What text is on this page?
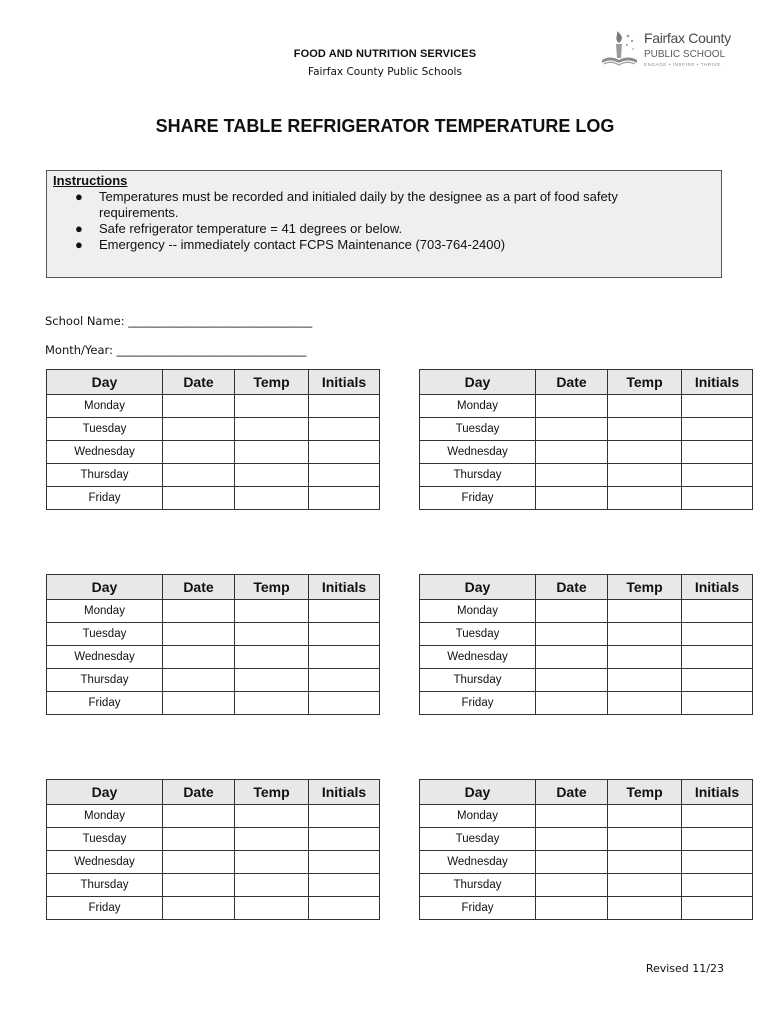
FOOD AND NUTRITION SERVICES
Fairfax County Public Schools
Fairfax County
PUBLIC SCHOOL
ENGAGE • INSPIRE • THRIVE
SHARE TABLE REFRIGERATOR TEMPERATURE LOG
Instructions
●	Temperatures must be recorded and initialed daily by the designee as a part of food safety requirements.
●	Safe refrigerator temperature = 41 degrees or below.
●	Emergency -- immediately contact FCPS Maintenance (703-764-2400)
School Name: ________________________________
Month/Year: _________________________________
Day	Date	Temp	Initials
Monday			
Tuesday			
Wednesday			
Thursday			
Friday			
Day	Date	Temp	Initials
Monday			
Tuesday			
Wednesday			
Thursday			
Friday			
Day	Date	Temp	Initials
Monday			
Tuesday			
Wednesday			
Thursday			
Friday			
Day	Date	Temp	Initials
Monday			
Tuesday			
Wednesday			
Thursday			
Friday			
Day	Date	Temp	Initials
Monday			
Tuesday			
Wednesday			
Thursday			
Friday			
Day	Date	Temp	Initials
Monday			
Tuesday			
Wednesday			
Thursday			
Friday			
Revised 11/23
